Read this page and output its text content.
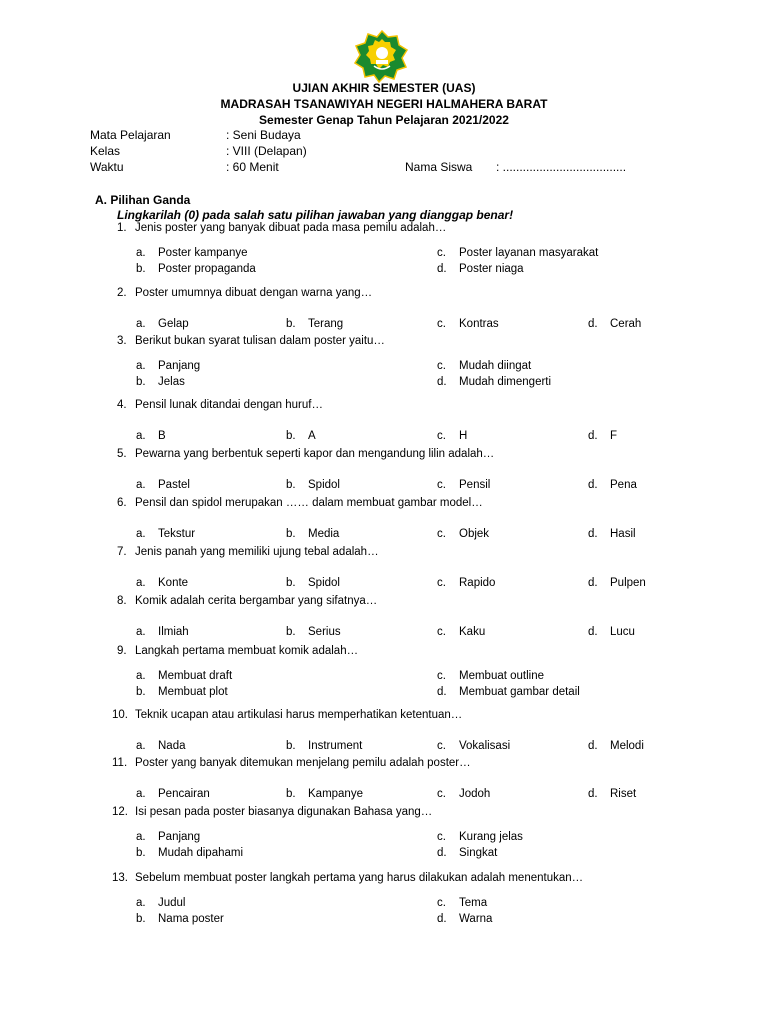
UJIAN AKHIR SEMESTER (UAS)
MADRASAH TSANAWIYAH NEGERI HALMAHERA BARAT
Semester Genap Tahun Pelajaran 2021/2022
Mata Pelajaran	: Seni Budaya
Kelas	: VIII (Delapan)
Waktu	: 60 Menit	Nama Siswa : .....................................
A. Pilihan Ganda
Lingkarilah (0) pada salah satu pilihan jawaban yang dianggap benar!
1. Jenis poster yang banyak dibuat pada masa pemilu adalah…
a. Poster kampanye
b. Poster propaganda
c. Poster layanan masyarakat
d. Poster niaga
2. Poster umumnya dibuat dengan warna yang…
a. Gelap	b. Terang	c. Kontras	d. Cerah
3. Berikut bukan syarat tulisan dalam poster yaitu…
a. Panjang
b. Jelas
c. Mudah diingat
d. Mudah dimengerti
4. Pensil lunak ditandai dengan huruf…
a. B	b. A	c. H	d. F
5. Pewarna yang berbentuk seperti kapor dan mengandung lilin adalah…
a. Pastel	b. Spidol	c. Pensil	d. Pena
6. Pensil dan spidol merupakan …… dalam membuat gambar model…
a. Tekstur	b. Media	c. Objek	d. Hasil
7. Jenis panah yang memiliki ujung tebal adalah…
a. Konte	b. Spidol	c. Rapido	d. Pulpen
8. Komik adalah cerita bergambar yang sifatnya…
a. Ilmiah	b. Serius	c. Kaku	d. Lucu
9. Langkah pertama membuat komik adalah…
a. Membuat draft
b. Membuat plot
c. Membuat outline
d. Membuat gambar detail
10. Teknik ucapan atau artikulasi harus memperhatikan ketentuan…
a. Nada	b. Instrument	c. Vokalisasi	d. Melodi
11. Poster yang banyak ditemukan menjelang pemilu adalah poster…
a. Pencairan	b. Kampanye	c. Jodoh	d. Riset
12. Isi pesan pada poster biasanya digunakan Bahasa yang…
a. Panjang
b. Mudah dipahami
c. Kurang jelas
d. Singkat
13. Sebelum membuat poster langkah pertama yang harus dilakukan adalah menentukan…
a. Judul
b. Nama poster
c. Tema
d. Warna
